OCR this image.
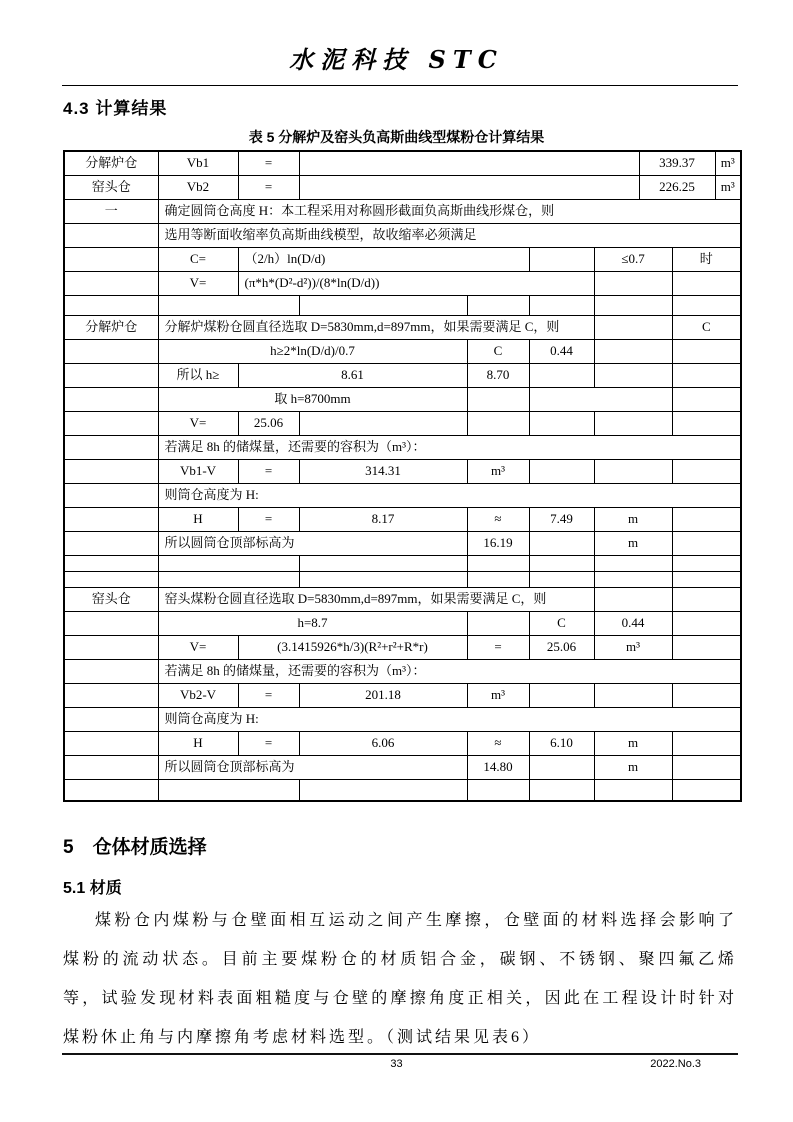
水泥科技 STC
4.3 计算结果
表 5 分解炉及窑头负高斯曲线型煤粉仓计算结果
分解炉仓	Vb1	=					339.37		m³
窑头仓	Vb2	=					226.25		m³
一	确定圆筒仓高度 H：本工程采用对称圆形截面负高斯曲线形煤仓，则								
	选用等断面收缩率负高斯曲线模型，故收缩率必须满足								
	C=	（2/h）ln(D/d)				≤0.7		时	
	V=	(π*h*(D²-d²))/(8*ln(D/d))							

分解炉仓	分解炉煤粉仓圆直径选取 D=5830mm,d=897mm，如果需要满足 C，则							C	
	h≥2*ln(D/d)/0.7			C	0.44				
	所以 h≥	8.61		8.70					
	取 h=8700mm								
	V=	25.06							
	若满足 8h 的储煤量，还需要的容积为（m³）：								
	Vb1-V	=	314.31	m³					
	则筒仓高度为 H:								
	H	=	8.17	≈	7.49	m			
	所以圆筒仓顶部标高为			16.19		m			

窑头仓	窑头煤粉仓圆直径选取 D=5830mm,d=897mm，如果需要满足 C，则								
	h=8.7				C	0.44			
	V=	(3.1415926*h/3)(R²+r²+R*r)		=	25.06	m³			
	若满足 8h 的储煤量，还需要的容积为（m³）：								
	Vb2-V	=	201.18	m³					
	则筒仓高度为 H:								
	H	=	6.06	≈	6.10	m			
	所以圆筒仓顶部标高为			14.80		m			

5　仓体材质选择
5.1 材质

煤粉仓内煤粉与仓壁面相互运动之间产生摩擦，仓壁面的材料选择会影响了煤粉的流动状态。目前主要煤粉仓的材质铝合金，碳钢、不锈钢、聚四氟乙烯等，试验发现材料表面粗糙度与仓壁的摩擦角度正相关，因此在工程设计时针对煤粉休止角与内摩擦角考虑材料选型。（测试结果见表6）

33	2022.No.3
